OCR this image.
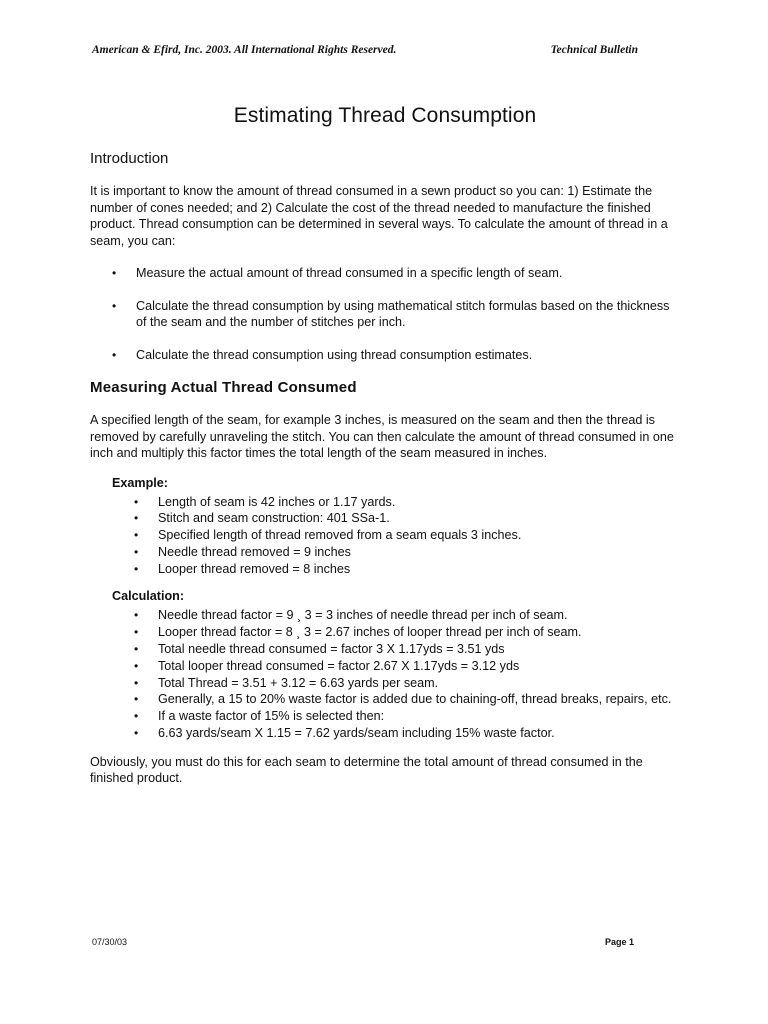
American & Efird, Inc. 2003. All International Rights Reserved.	Technical Bulletin
Estimating Thread Consumption
Introduction

It is important to know the amount of thread consumed in a sewn product so you can: 1) Estimate the number of cones needed; and 2) Calculate the cost of the thread needed to manufacture the finished product. Thread consumption can be determined in several ways. To calculate the amount of thread in a seam, you can:

• Measure the actual amount of thread consumed in a specific length of seam.
• Calculate the thread consumption by using mathematical stitch formulas based on the thickness of the seam and the number of stitches per inch.
• Calculate the thread consumption using thread consumption estimates.
Measuring Actual Thread Consumed

A specified length of the seam, for example 3 inches, is measured on the seam and then the thread is removed by carefully unraveling the stitch. You can then calculate the amount of thread consumed in one inch and multiply this factor times the total length of the seam measured in inches.

Example:
• Length of seam is 42 inches or 1.17 yards.
• Stitch and seam construction: 401 SSa-1.
• Specified length of thread removed from a seam equals 3 inches.
• Needle thread removed = 9 inches
• Looper thread removed = 8 inches
Calculation:
• Needle thread factor = 9 ¸ 3 = 3 inches of needle thread per inch of seam.
• Looper thread factor = 8 ¸ 3 = 2.67 inches of looper thread per inch of seam.
• Total needle thread consumed = factor 3 X 1.17yds = 3.51 yds
• Total looper thread consumed = factor 2.67 X 1.17yds = 3.12 yds
• Total Thread = 3.51 + 3.12 = 6.63 yards per seam.
• Generally, a 15 to 20% waste factor is added due to chaining-off, thread breaks, repairs, etc.
• If a waste factor of 15% is selected then:
• 6.63 yards/seam X 1.15 = 7.62 yards/seam including 15% waste factor.

Obviously, you must do this for each seam to determine the total amount of thread consumed in the finished product.

07/30/03	Page 1
